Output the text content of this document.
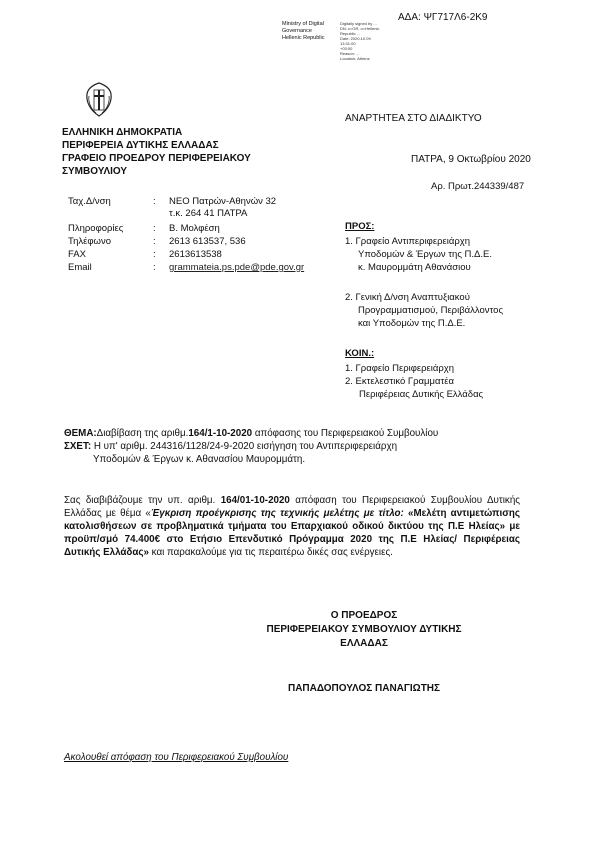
ΑΔΑ: ΨΓ717Λ6-2Κ9
Ministry of Digital
Governance
Hellenic Republic
Digitally signed by ...
DN: c=GR, o=Hellenic
Republic ...
Date: 2020.10.09
13:31:00
+03:00
Reason: ...
Location: Athens
ΕΛΛΗΝΙΚΗ ΔΗΜΟΚΡΑΤΙΑ
ΠΕΡΙΦΕΡΕΙΑ ΔΥΤΙΚΗΣ ΕΛΛΑΔΑΣ
ΓΡΑΦΕΙΟ ΠΡΟΕΔΡΟΥ ΠΕΡΙΦΕΡΕΙΑΚΟΥ
ΣΥΜΒΟΥΛΙΟΥ
ΑΝΑΡΤΗΤΕΑ ΣΤΟ ΔΙΑΔΙΚΤΥΟ
ΠΑΤΡΑ, 9 Οκτωβρίου 2020
Αρ. Πρωτ.244339/487
Ταχ.Δ/νση	: ΝΕΟ Πατρών-Αθηνών 32
τ.κ. 264 41 ΠΑΤΡΑ
Πληροφορίες	: Β. Μολφέση
Τηλέφωνο	: 2613 613537, 536
FAX	: 2613613538
Email	: grammateia.ps.pde@pde.gov.gr
ΠΡΟΣ:
1. Γραφείο Αντιπεριφερειάρχη
Υποδομών & Έργων της Π.Δ.Ε.
κ. Μαυρομμάτη Αθανάσιου
2. Γενική Δ/νση Αναπτυξιακού
Προγραμματισμού, Περιβάλλοντος
και Υποδομών της Π.Δ.Ε.
ΚΟΙΝ.:
1. Γραφείο Περιφερειάρχη
2. Εκτελεστικό Γραμματέα
Περιφέρειας Δυτικής Ελλάδας
ΘΕΜΑ:Διαβίβαση της αριθμ.164/1-10-2020 απόφασης του Περιφερειακού Συμβουλίου
ΣΧΕΤ: Η υπ' αριθμ. 244316/1128/24-9-2020 εισήγηση του Αντιπεριφερειάρχη
Υποδομών & Έργων κ. Αθανασίου Μαυρομμάτη.
Σας διαβιβάζουμε την υπ. αριθμ. 164/01-10-2020 απόφαση του Περιφερειακού Συμβουλίου Δυτικής Ελλάδας με θέμα «Έγκριση προέγκρισης της τεχνικής μελέτης με τίτλο: «Μελέτη αντιμετώπισης κατολισθήσεων σε προβληματικά τμήματα του Επαρχιακού οδικού δικτύου της Π.Ε Ηλείας» με προϋπ/σμό 74.400€ στο Ετήσιο Επενδυτικό Πρόγραμμα 2020 της Π.Ε Ηλείας/ Περιφέρειας Δυτικής Ελλάδας» και παρακαλούμε για τις περαιτέρω δικές σας ενέργειες.
Ο ΠΡΟΕΔΡΟΣ
ΠΕΡΙΦΕΡΕΙΑΚΟΥ ΣΥΜΒΟΥΛΙΟΥ ΔΥΤΙΚΗΣ
ΕΛΛΑΔΑΣ
ΠΑΠΑΔΟΠΟΥΛΟΣ ΠΑΝΑΓΙΩΤΗΣ
Ακολουθεί απόφαση του Περιφερειακού Συμβουλίου
